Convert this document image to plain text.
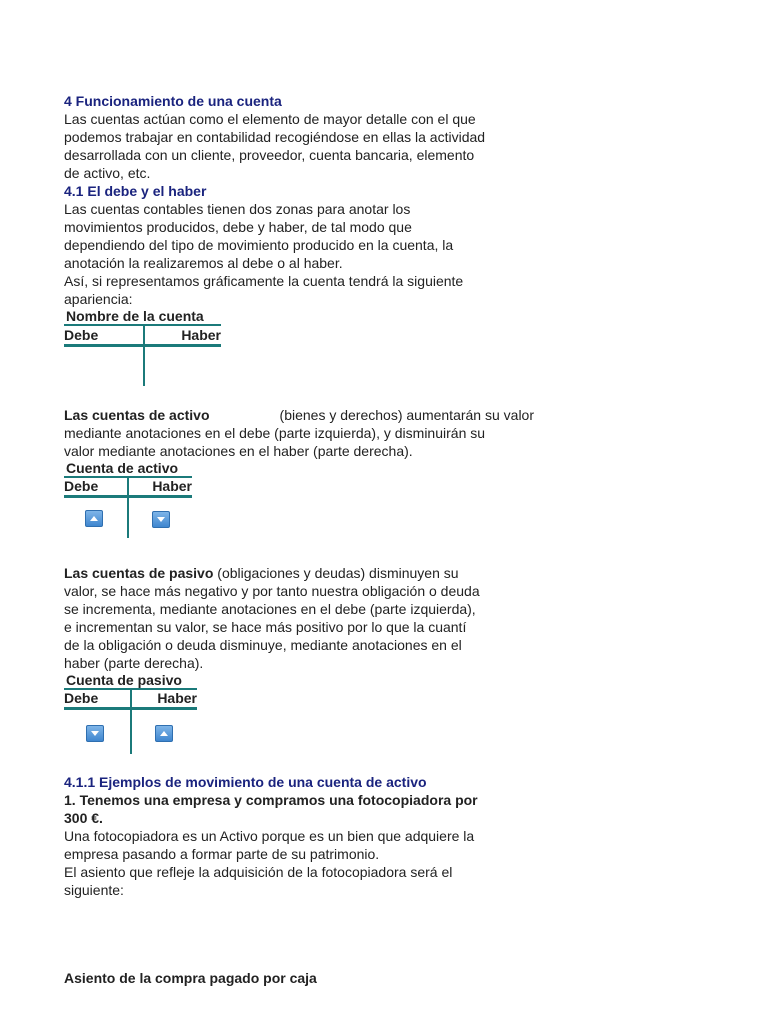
4 Funcionamiento de una cuenta
Las cuentas actúan como el elemento de mayor detalle con el que
podemos trabajar en contabilidad recogiéndose en ellas la actividad
desarrollada con un cliente, proveedor, cuenta bancaria, elemento
de activo, etc.
4.1 El debe y el haber
Las cuentas contables tienen dos zonas para anotar los
movimientos producidos, debe y haber, de tal modo que
dependiendo del tipo de movimiento producido en la cuenta, la
anotación la realizaremos al debe o al haber.
Así, si representamos gráficamente la cuenta tendrá la siguiente
apariencia:
Nombre de la cuenta
Debe	Haber
Las cuentas de activo	(bienes y derechos) aumentarán su valor
mediante anotaciones en el debe (parte izquierda), y disminuirán su
valor mediante anotaciones en el haber (parte derecha).
Cuenta de activo
Debe	Haber
Las cuentas de pasivo (obligaciones y deudas) disminuyen su
valor, se hace más negativo y por tanto nuestra obligación o deuda
se incrementa, mediante anotaciones en el debe (parte izquierda),
e incrementan su valor, se hace más positivo por lo que la cuantí
de la obligación o deuda disminuye, mediante anotaciones en el
haber (parte derecha).
Cuenta de pasivo
Debe	Haber
4.1.1 Ejemplos de movimiento de una cuenta de activo
1. Tenemos una empresa y compramos una fotocopiadora por
300 €.
Una fotocopiadora es un Activo porque es un bien que adquiere la
empresa pasando a formar parte de su patrimonio.
El asiento que refleje la adquisición de la fotocopiadora será el
siguiente:
Asiento de la compra pagado por caja
